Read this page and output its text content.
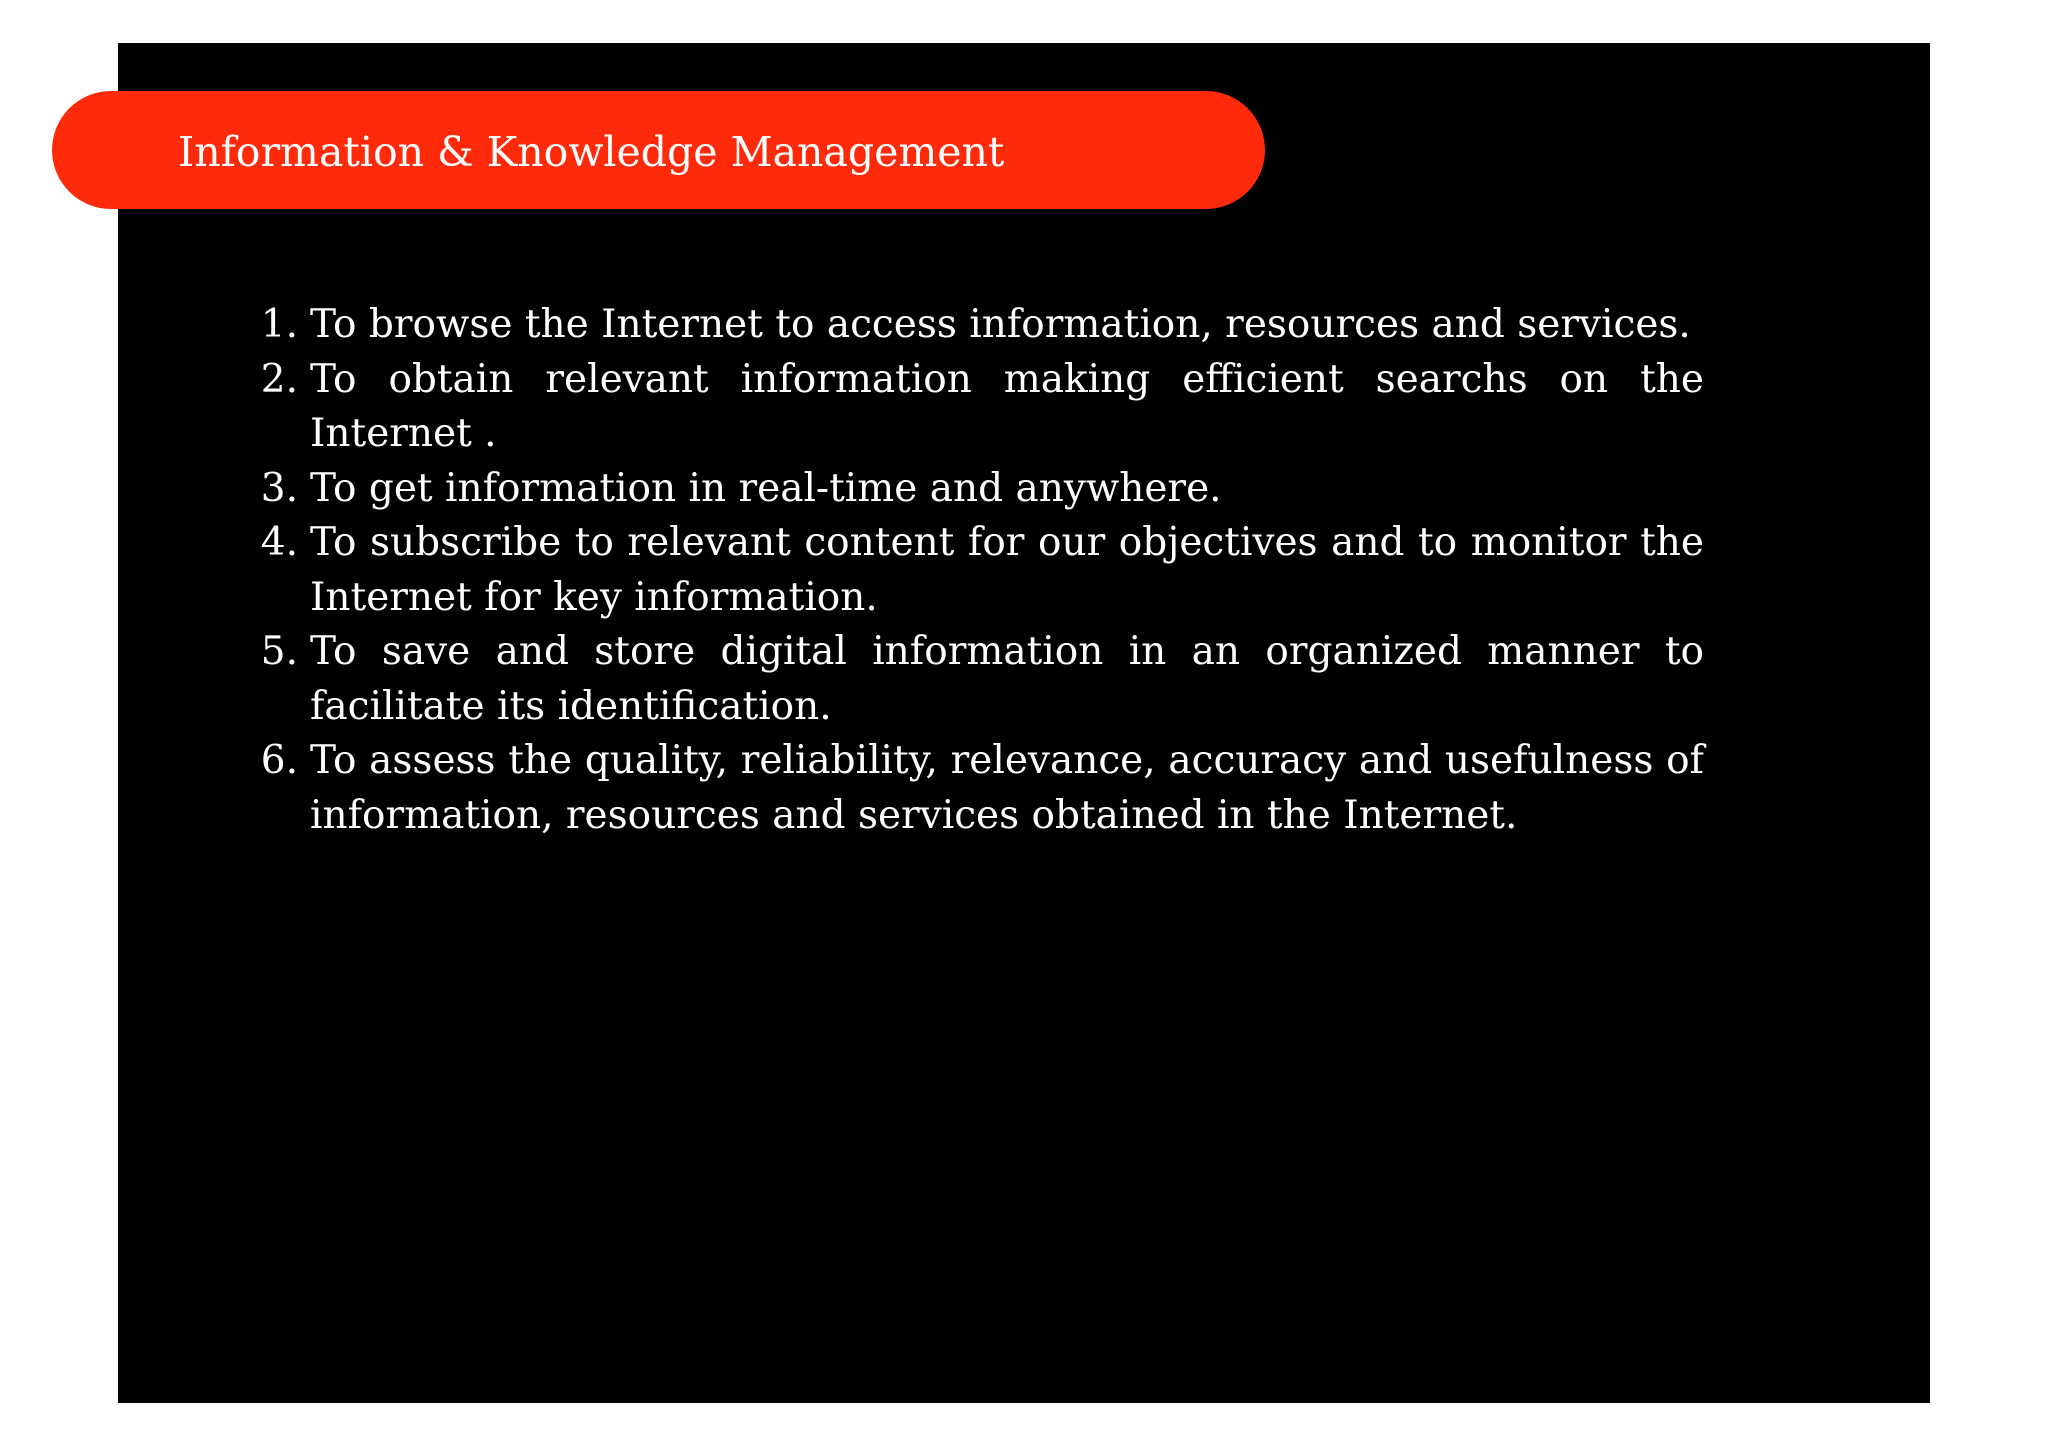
Information & Knowledge Management
1. To browse the Internet to access information, resources and services.
2. To obtain relevant information making efficient searchs on the Internet .
3. To get information in real-time and anywhere.
4. To subscribe to relevant content for our objectives and to monitor the Internet for key information.
5. To save and store digital information in an organized manner to facilitate its identification.
6. To assess the quality, reliability, relevance, accuracy and usefulness of information, resources and services obtained in the Internet.
